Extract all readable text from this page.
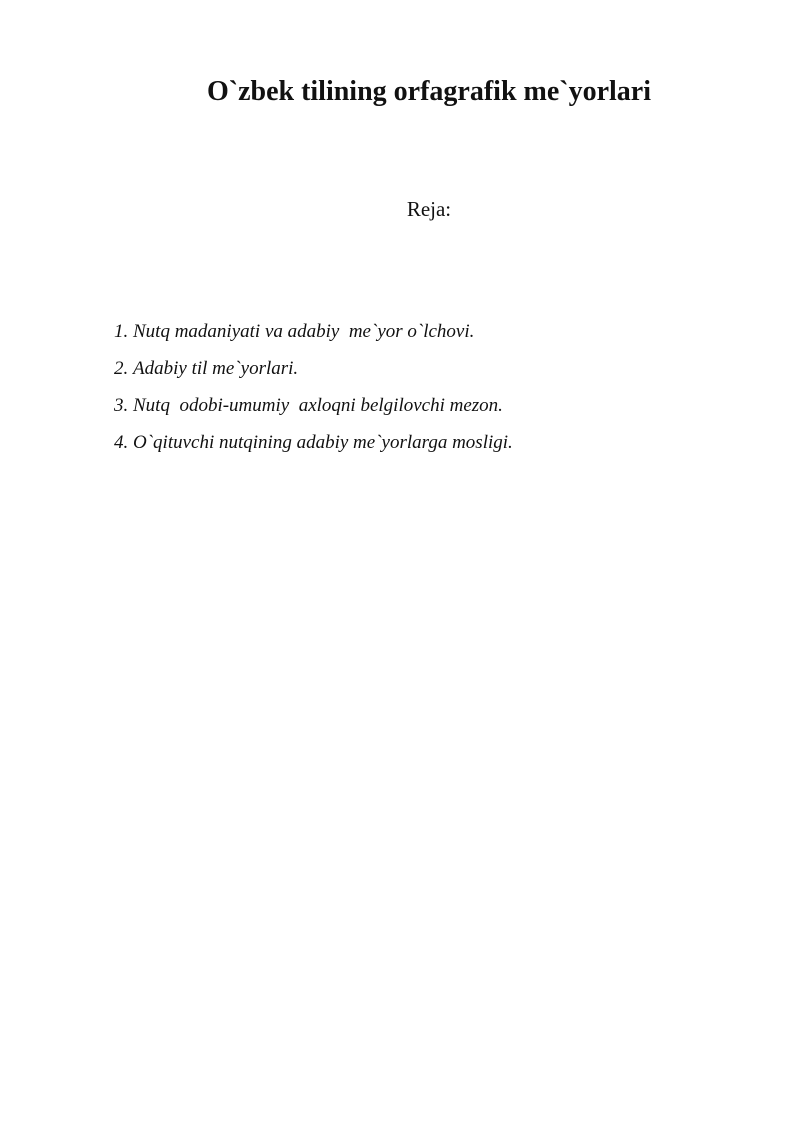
O`zbek tilining orfagrafik me`yorlari
Reja:
1. Nutq madaniyati va adabiy  me`yor o`lchovi.
2. Adabiy til me`yorlari.
3. Nutq  odobi-umumiy  axloqni belgilovchi mezon.
4. O`qituvchi nutqining adabiy me`yorlarga mosligi.
